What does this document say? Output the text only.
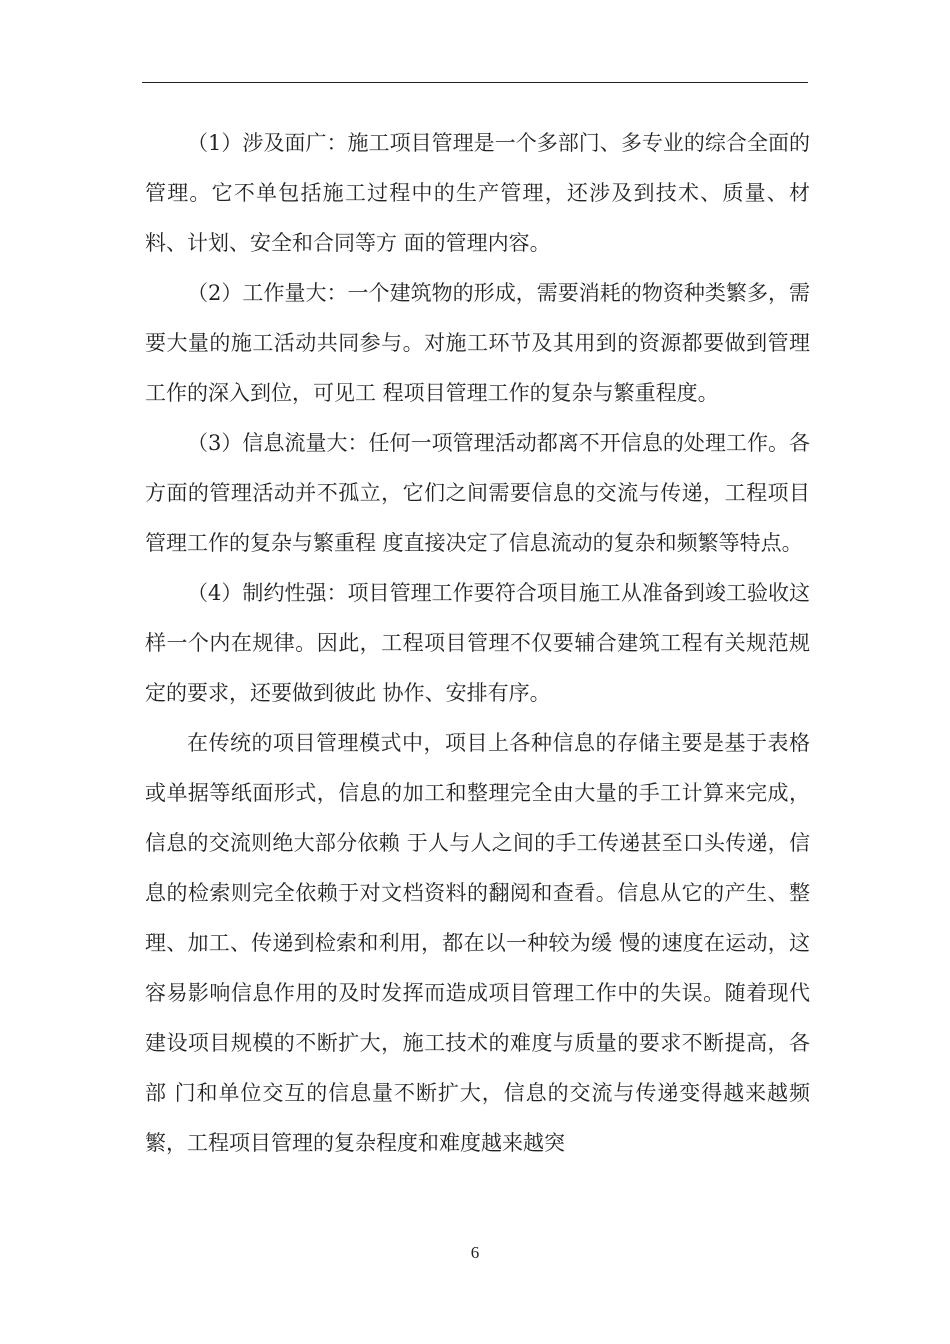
（1）涉及面广：施工项目管理是一个多部门、多专业的综合全面的管理。它不单包括施工过程中的生产管理，还涉及到技术、质量、材料、计划、安全和合同等方 面的管理内容。

（2）工作量大：一个建筑物的形成，需要消耗的物资种类繁多，需要大量的施工活动共同参与。对施工环节及其用到的资源都要做到管理工作的深入到位，可见工 程项目管理工作的复杂与繁重程度。

（3）信息流量大：任何一项管理活动都离不开信息的处理工作。各方面的管理活动并不孤立，它们之间需要信息的交流与传递，工程项目管理工作的复杂与繁重程 度直接决定了信息流动的复杂和频繁等特点。

（4）制约性强：项目管理工作要符合项目施工从准备到竣工验收这样一个内在规律。因此，工程项目管理不仅要辅合建筑工程有关规范规定的要求，还要做到彼此 协作、安排有序。

在传统的项目管理模式中，项目上各种信息的存储主要是基于表格或单据等纸面形式，信息的加工和整理完全由大量的手工计算来完成，信息的交流则绝大部分依赖 于人与人之间的手工传递甚至口头传递，信息的检索则完全依赖于对文档资料的翻阅和查看。信息从它的产生、整理、加工、传递到检索和利用，都在以一种较为缓 慢的速度在运动，这容易影响信息作用的及时发挥而造成项目管理工作中的失误。随着现代建设项目规模的不断扩大，施工技术的难度与质量的要求不断提高，各部 门和单位交互的信息量不断扩大，信息的交流与传递变得越来越频繁，工程项目管理的复杂程度和难度越来越突

6
